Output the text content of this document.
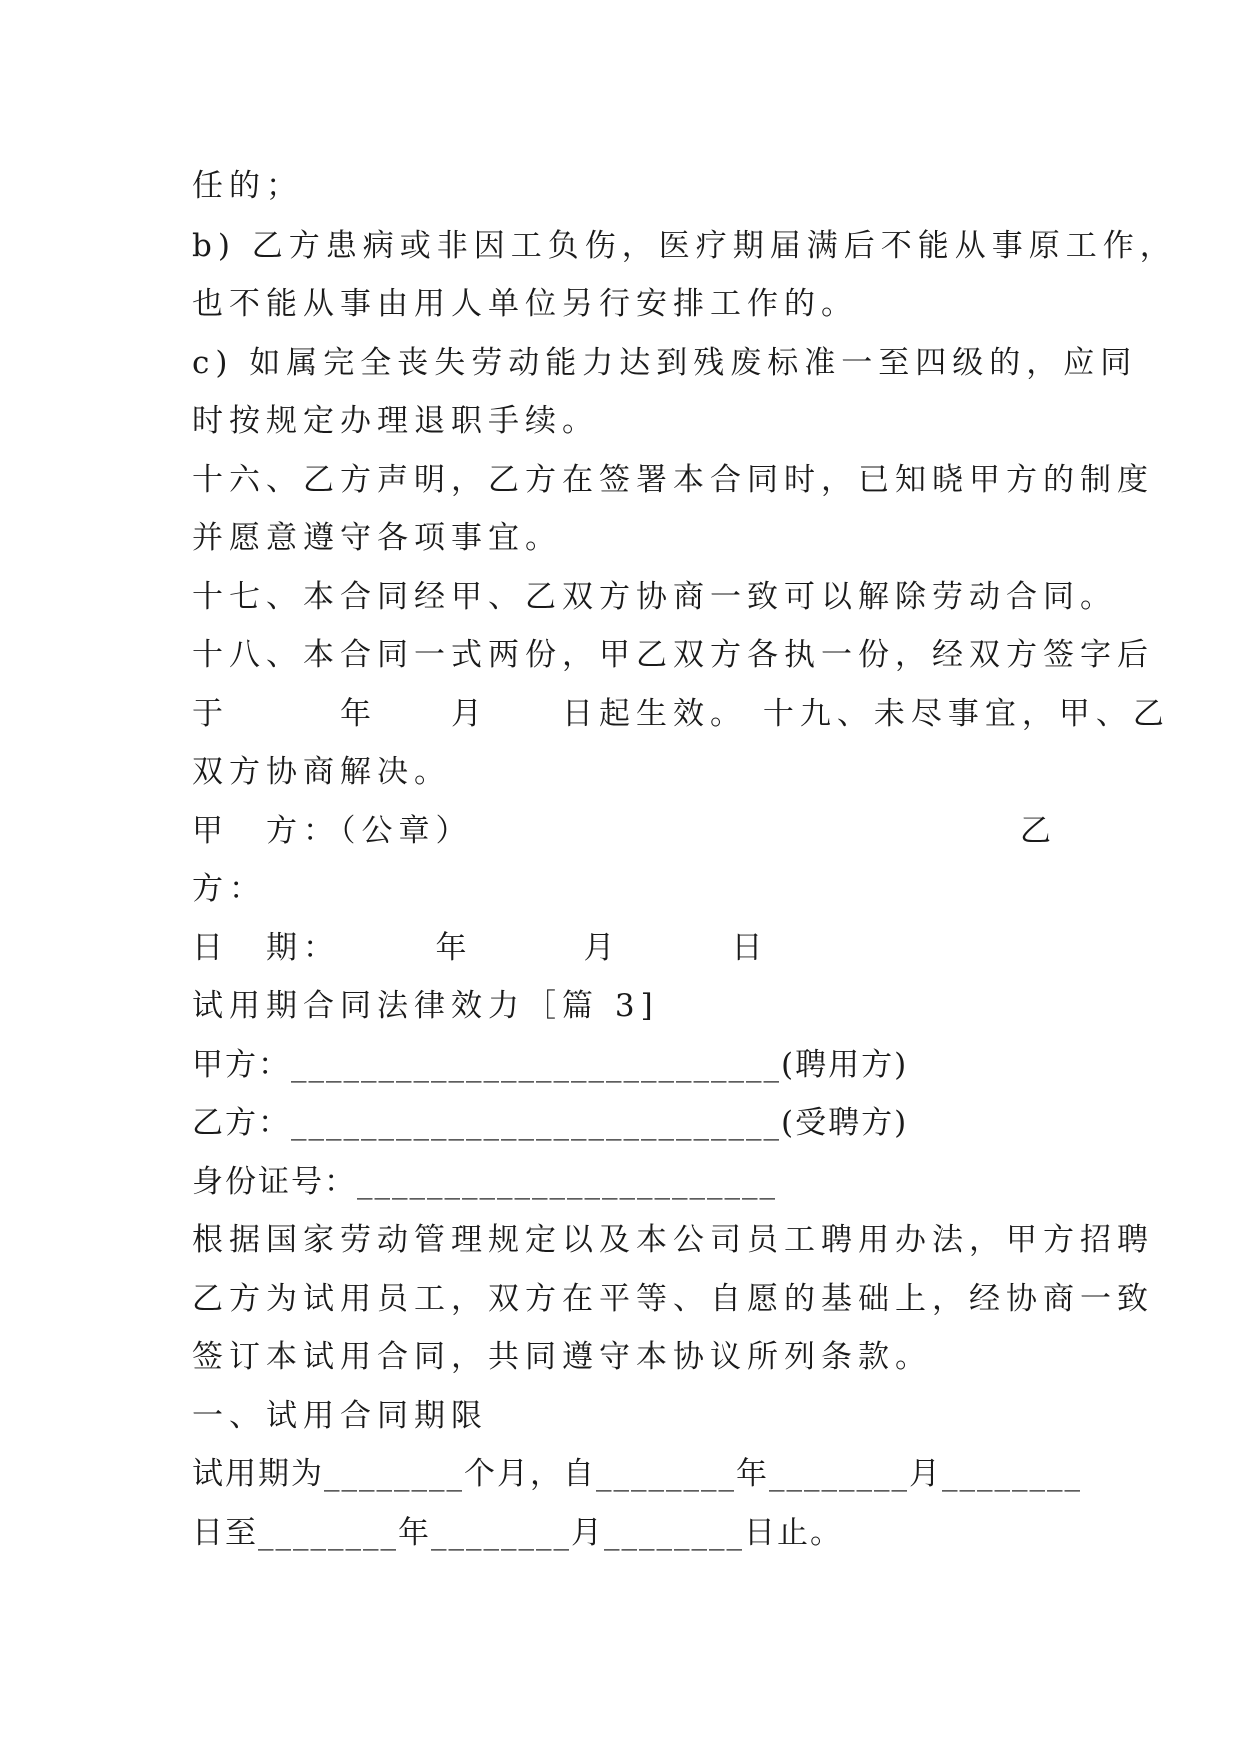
任的；

b) 乙方患病或非因工负伤，医疗期届满后不能从事原工作，

也不能从事由用人单位另行安排工作的。

c) 如属完全丧失劳动能力达到残废标准一至四级的，应同

时按规定办理退职手续。

十六、乙方声明，乙方在签署本合同时，已知晓甲方的制度

并愿意遵守各项事宜。

十七、本合同经甲、乙双方协商一致可以解除劳动合同。

十八、本合同一式两份，甲乙双方各执一份，经双方签字后

于　　　年　　月　　日起生效。 十九、未尽事宜，甲、乙

双方协商解决。

甲　方：（公章）	乙

方：

日　期：　　　年　　　月　　　日

试用期合同法律效力［篇 3]

甲方：____________________________(聘用方)

乙方：____________________________(受聘方)

身份证号：________________________

根据国家劳动管理规定以及本公司员工聘用办法，甲方招聘

乙方为试用员工，双方在平等、自愿的基础上，经协商一致

签订本试用合同，共同遵守本协议所列条款。

一、试用合同期限

试用期为________个月，自________年________月________

日至________年________月________日止。
